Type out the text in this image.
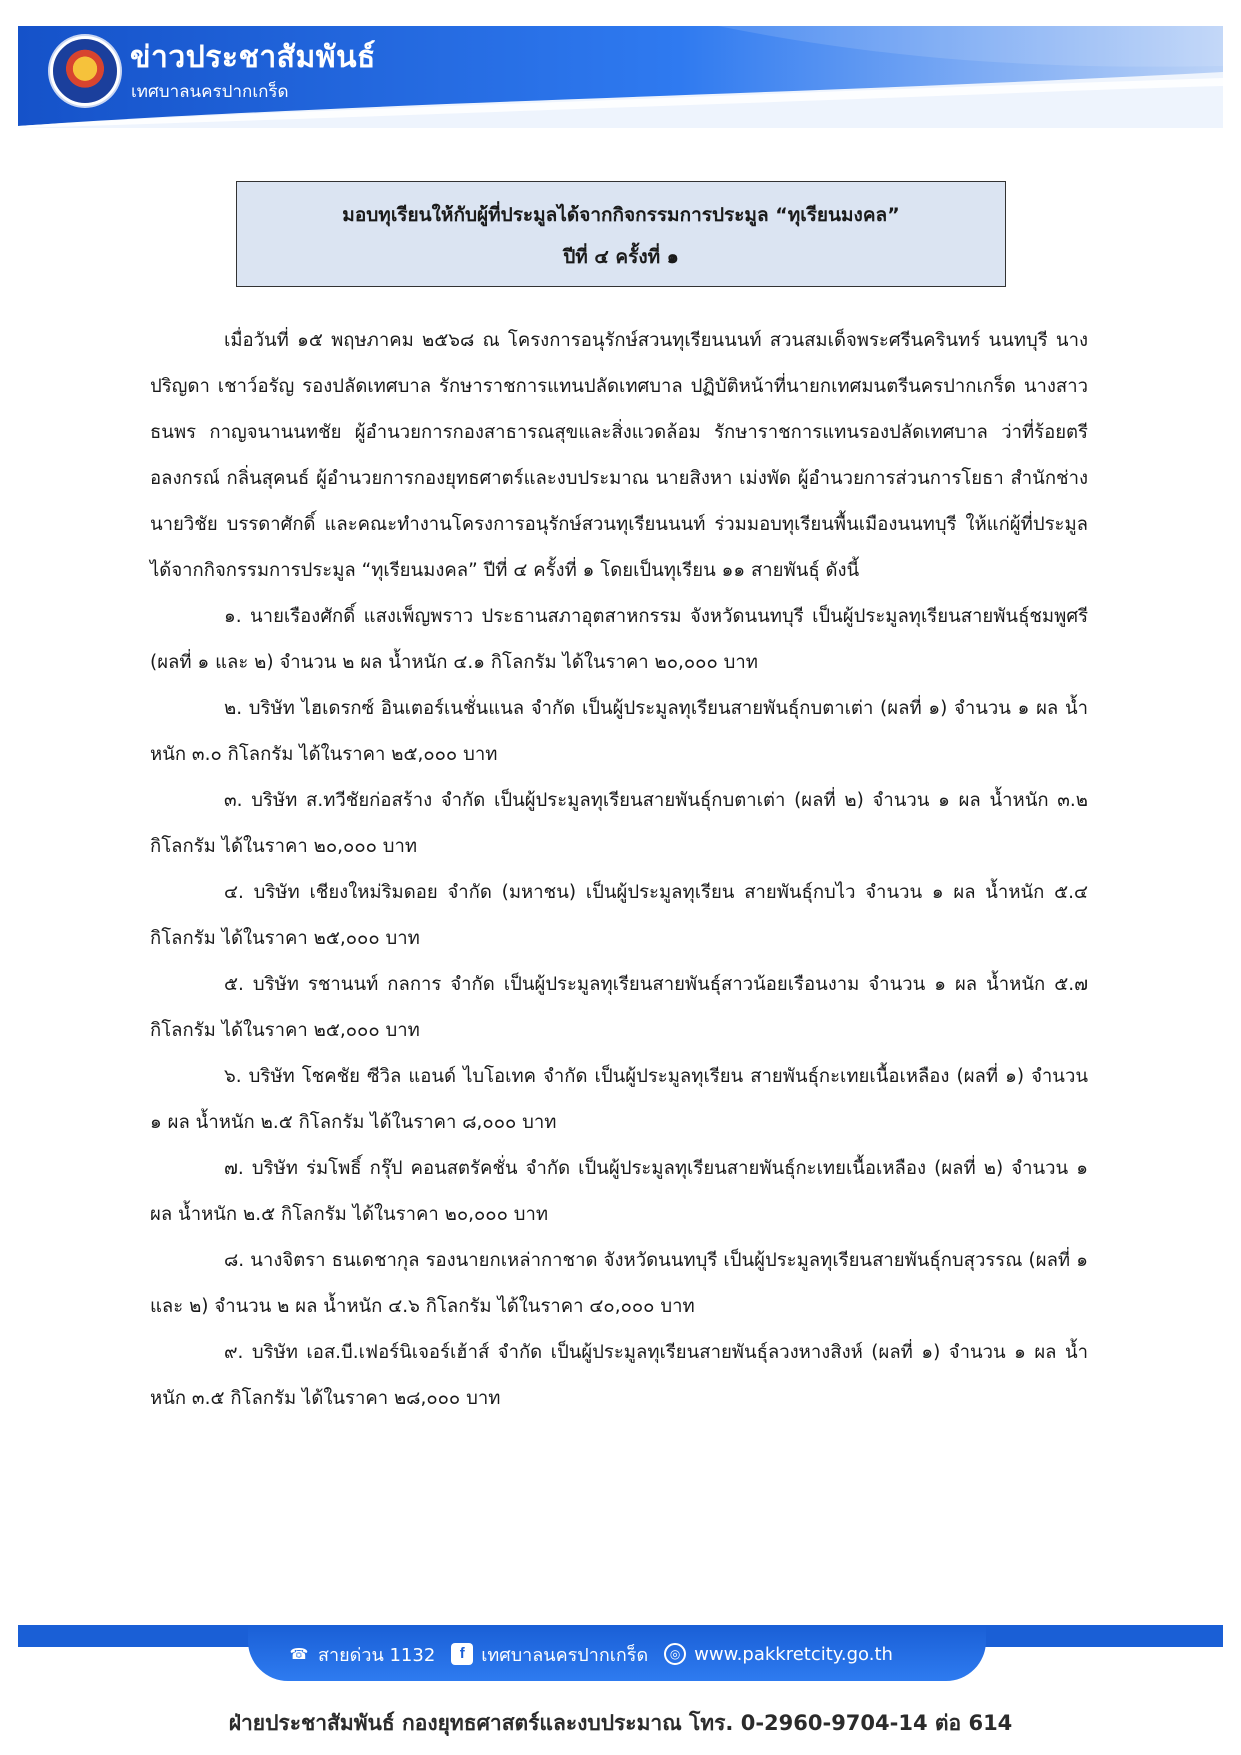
ข่าวประชาสัมพันธ์
เทศบาลนครปากเกร็ด
มอบทุเรียนให้กับผู้ที่ประมูลได้จากกิจกรรมการประมูล “ทุเรียนมงคล”
ปีที่ ๔ ครั้งที่ ๑

เมื่อวันที่ ๑๕ พฤษภาคม ๒๕๖๘ ณ โครงการอนุรักษ์สวนทุเรียนนนท์ สวนสมเด็จพระศรีนครินทร์ นนทบุรี นางปริญดา เชาว์อรัญ รองปลัดเทศบาล รักษาราชการแทนปลัดเทศบาล ปฏิบัติหน้าที่นายกเทศมนตรีนครปากเกร็ด นางสาวธนพร กาญจนานนทชัย ผู้อำนวยการกองสาธารณสุขและสิ่งแวดล้อม รักษาราชการแทนรองปลัดเทศบาล ว่าที่ร้อยตรี อลงกรณ์ กลิ่นสุคนธ์ ผู้อำนวยการกองยุทธศาตร์และงบประมาณ นายสิงหา เม่งพัด ผู้อำนวยการส่วนการโยธา สำนักช่าง นายวิชัย บรรดาศักดิ์ และคณะทำงานโครงการอนุรักษ์สวนทุเรียนนนท์ ร่วมมอบทุเรียนพื้นเมืองนนทบุรี ให้แก่ผู้ที่ประมูลได้จากกิจกรรมการประมูล “ทุเรียนมงคล” ปีที่ ๔ ครั้งที่ ๑ โดยเป็นทุเรียน ๑๑ สายพันธุ์ ดังนี้

๑. นายเรืองศักดิ์ แสงเพ็ญพราว ประธานสภาอุตสาหกรรม จังหวัดนนทบุรี เป็นผู้ประมูลทุเรียนสายพันธุ์ชมพูศรี (ผลที่ ๑ และ ๒) จำนวน ๒ ผล น้ำหนัก ๔.๑ กิโลกรัม ได้ในราคา ๒๐,๐๐๐ บาท

๒. บริษัท ไฮเดรกซ์ อินเตอร์เนชั่นแนล จำกัด เป็นผู้ประมูลทุเรียนสายพันธุ์กบตาเต่า (ผลที่ ๑) จำนวน ๑ ผล น้ำหนัก ๓.๐ กิโลกรัม ได้ในราคา ๒๕,๐๐๐ บาท

๓. บริษัท ส.ทวีชัยก่อสร้าง จำกัด เป็นผู้ประมูลทุเรียนสายพันธุ์กบตาเต่า (ผลที่ ๒) จำนวน ๑ ผล น้ำหนัก ๓.๒ กิโลกรัม ได้ในราคา ๒๐,๐๐๐ บาท

๔. บริษัท เชียงใหม่ริมดอย จำกัด (มหาชน) เป็นผู้ประมูลทุเรียน สายพันธุ์กบไว จำนวน ๑ ผล น้ำหนัก ๕.๔ กิโลกรัม ได้ในราคา ๒๕,๐๐๐ บาท

๕. บริษัท รชานนท์ กลการ จำกัด เป็นผู้ประมูลทุเรียนสายพันธุ์สาวน้อยเรือนงาม จำนวน ๑ ผล น้ำหนัก ๕.๗ กิโลกรัม ได้ในราคา ๒๕,๐๐๐ บาท

๖. บริษัท โชคชัย ซีวิล แอนด์ ไบโอเทค จำกัด เป็นผู้ประมูลทุเรียน สายพันธุ์กะเทยเนื้อเหลือง (ผลที่ ๑) จำนวน ๑ ผล น้ำหนัก ๒.๕ กิโลกรัม ได้ในราคา ๘,๐๐๐ บาท

๗. บริษัท ร่มโพธิ์ กรุ๊ป คอนสตรัคชั่น จำกัด เป็นผู้ประมูลทุเรียนสายพันธุ์กะเทยเนื้อเหลือง (ผลที่ ๒) จำนวน ๑ ผล น้ำหนัก ๒.๕ กิโลกรัม ได้ในราคา ๒๐,๐๐๐ บาท

๘. นางจิตรา ธนเดชากุล รองนายกเหล่ากาชาด จังหวัดนนทบุรี เป็นผู้ประมูลทุเรียนสายพันธุ์กบสุวรรณ (ผลที่ ๑ และ ๒) จำนวน ๒ ผล น้ำหนัก ๔.๖ กิโลกรัม ได้ในราคา ๔๐,๐๐๐ บาท

๙. บริษัท เอส.บี.เฟอร์นิเจอร์เฮ้าส์ จำกัด เป็นผู้ประมูลทุเรียนสายพันธุ์ลวงหางสิงห์ (ผลที่ ๑) จำนวน ๑ ผล น้ำหนัก ๓.๕ กิโลกรัม ได้ในราคา ๒๘,๐๐๐ บาท

☎ สายด่วน 1132	f เทศบาลนครปากเกร็ด	◎ www.pakkretcity.go.th
ฝ่ายประชาสัมพันธ์ กองยุทธศาสตร์และงบประมาณ โทร. 0-2960-9704-14 ต่อ 614
